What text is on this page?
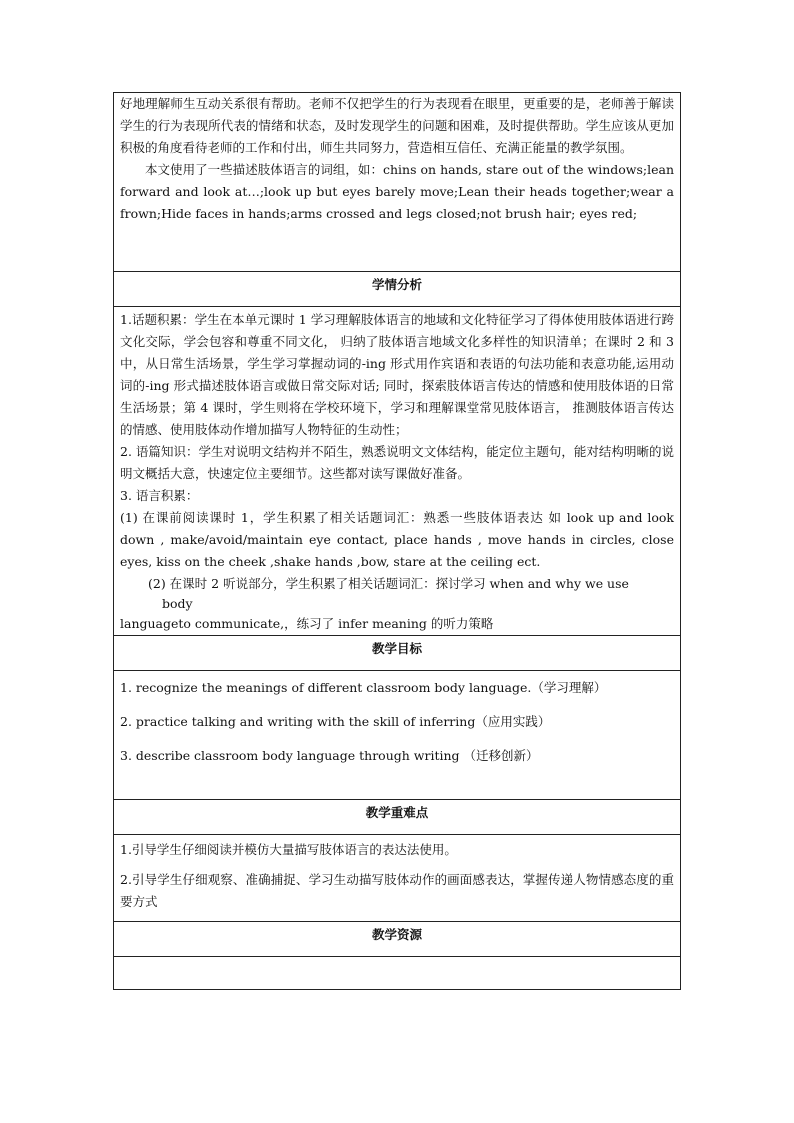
好地理解师生互动关系很有帮助。老师不仅把学生的行为表现看在眼里，更重要的是，老师善于解读学生的行为表现所代表的情绪和状态，及时发现学生的问题和困难，及时提供帮助。学生应该从更加积极的角度看待老师的工作和付出，师生共同努力，营造相互信任、充满正能量的教学氛围。

本文使用了一些描述肢体语言的词组，如：chins on hands, stare out of the windows;lean forward and look at…;look up but eyes barely move;Lean their heads together;wear a frown;Hide faces in hands;arms crossed and legs closed;not brush hair; eyes red;

学情分析

1.话题积累：学生在本单元课时 1 学习理解肢体语言的地域和文化特征学习了得体使用肢体语进行跨文化交际，学会包容和尊重不同文化， 归纳了肢体语言地域文化多样性的知识清单；在课时 2 和 3 中，从日常生活场景，学生学习掌握动词的-ing 形式用作宾语和表语的句法功能和表意功能,运用动词的-ing 形式描述肢体语言或做日常交际对话; 同时，探索肢体语言传达的情感和使用肢体语的日常生活场景；第 4 课时，学生则将在学校环境下，学习和理解课堂常见肢体语言， 推测肢体语言传达的情感、使用肢体动作增加描写人物特征的生动性；

2. 语篇知识：学生对说明文结构并不陌生，熟悉说明文文体结构，能定位主题句，能对结构明晰的说明文概括大意，快速定位主要细节。这些都对读写课做好准备。

3. 语言积累：

(1) 在课前阅读课时 1，学生积累了相关话题词汇：熟悉一些肢体语表达 如 look up and look down , make/avoid/maintain eye contact, place hands , move hands in circles, close eyes, kiss on the cheek ,shake hands ,bow, stare at the ceiling ect.

(2) 在课时 2 听说部分，学生积累了相关话题词汇：探讨学习 when and why we use

body

languageto communicate,，练习了 infer meaning 的听力策略

教学目标

1. recognize the meanings of different classroom body language.（学习理解）

2. practice talking and writing with the skill of inferring（应用实践）

3. describe classroom body language through writing （迁移创新）

教学重难点

1.引导学生仔细阅读并模仿大量描写肢体语言的表达法使用。

2.引导学生仔细观察、准确捕捉、学习生动描写肢体动作的画面感表达，掌握传递人物情感态度的重要方式

教学资源
